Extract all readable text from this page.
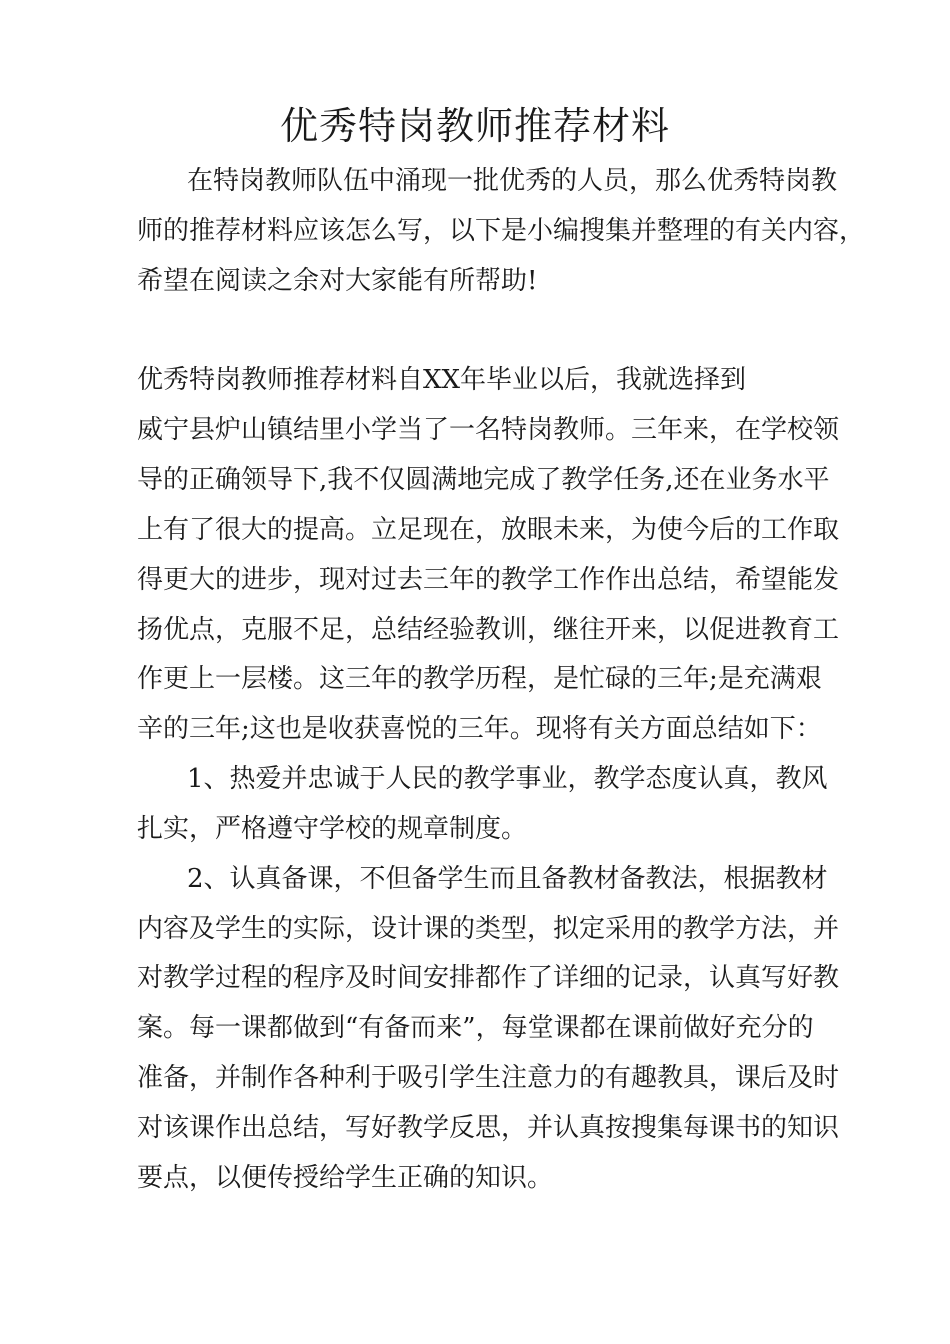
优秀特岗教师推荐材料
在特岗教师队伍中涌现一批优秀的人员，那么优秀特岗教
师的推荐材料应该怎么写，以下是小编搜集并整理的有关内容，
希望在阅读之余对大家能有所帮助!
优秀特岗教师推荐材料自XX年毕业以后，我就选择到
威宁县炉山镇结里小学当了一名特岗教师。三年来，在学校领
导的正确领导下,我不仅圆满地完成了教学任务,还在业务水平
上有了很大的提高。立足现在，放眼未来，为使今后的工作取
得更大的进步，现对过去三年的教学工作作出总结，希望能发
扬优点，克服不足，总结经验教训，继往开来，以促进教育工
作更上一层楼。这三年的教学历程，是忙碌的三年;是充满艰
辛的三年;这也是收获喜悦的三年。现将有关方面总结如下：
1、热爱并忠诚于人民的教学事业，教学态度认真，教风
扎实，严格遵守学校的规章制度。
2、认真备课，不但备学生而且备教材备教法，根据教材
内容及学生的实际，设计课的类型，拟定采用的教学方法，并
对教学过程的程序及时间安排都作了详细的记录，认真写好教
案。每一课都做到“有备而来”，每堂课都在课前做好充分的
准备，并制作各种利于吸引学生注意力的有趣教具，课后及时
对该课作出总结，写好教学反思，并认真按搜集每课书的知识
要点，以便传授给学生正确的知识。
